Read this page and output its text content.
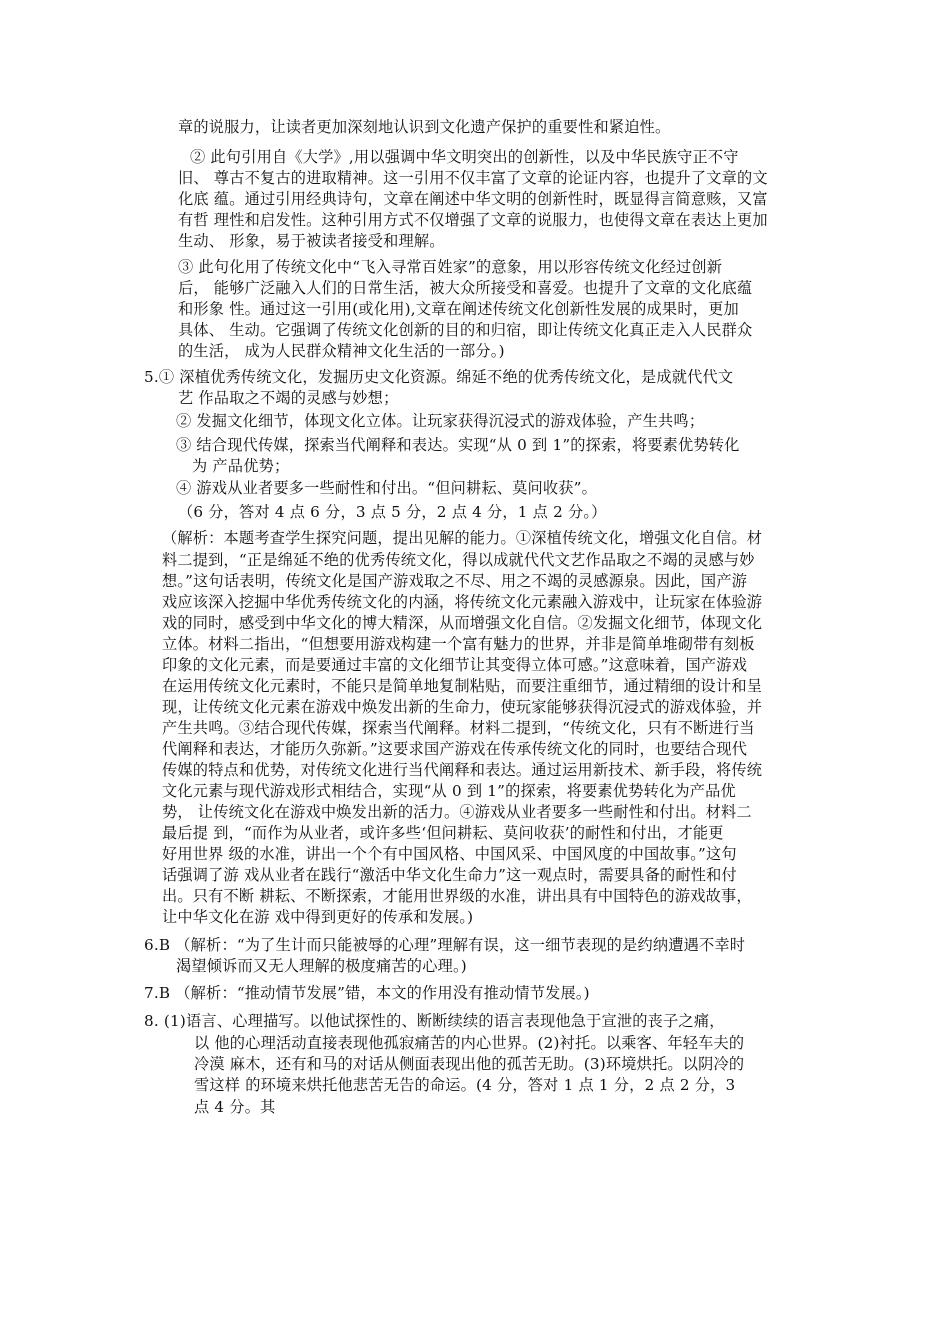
章的说服力，让读者更加深刻地认识到文化遗产保护的重要性和紧迫性。
② 此句引用自《大学》,用以强调中华文明突出的创新性，以及中华民族守正不守
旧、 尊古不复古的进取精神。这一引用不仅丰富了文章的论证内容，也提升了文章的文
化底 蕴。通过引用经典诗句，文章在阐述中华文明的创新性时，既显得言简意赅，又富
有哲 理性和启发性。这种引用方式不仅增强了文章的说服力，也使得文章在表达上更加
生动、 形象，易于被读者接受和理解。
③ 此句化用了传统文化中“飞入寻常百姓家”的意象，用以形容传统文化经过创新
后， 能够广泛融入人们的日常生活，被大众所接受和喜爱。也提升了文章的文化底蕴
和形象 性。通过这一引用(或化用),文章在阐述传统文化创新性发展的成果时，更加
具体、 生动。它强调了传统文化创新的目的和归宿，即让传统文化真正走入人民群众
的生活， 成为人民群众精神文化生活的一部分。)
5.① 深植优秀传统文化，发掘历史文化资源。绵延不绝的优秀传统文化，是成就代代文
艺 作品取之不竭的灵感与妙想；
② 发掘文化细节，体现文化立体。让玩家获得沉浸式的游戏体验，产生共鸣；
③ 结合现代传媒，探索当代阐释和表达。实现“从 0 到 1”的探索，将要素优势转化
为 产品优势；
④ 游戏从业者要多一些耐性和付出。“但问耕耘、莫问收获”。
（6 分，答对 4 点 6 分，3 点 5 分，2 点 4 分，1 点 2 分。）
（解析：本题考查学生探究问题，提出见解的能力。①深植传统文化，增强文化自信。材
料二提到，“正是绵延不绝的优秀传统文化，得以成就代代文艺作品取之不竭的灵感与妙
想。”这句话表明，传统文化是国产游戏取之不尽、用之不竭的灵感源泉。因此，国产游
戏应该深入挖掘中华优秀传统文化的内涵，将传统文化元素融入游戏中，让玩家在体验游
戏的同时，感受到中华文化的博大精深，从而增强文化自信。②发掘文化细节，体现文化
立体。材料二指出，“但想要用游戏构建一个富有魅力的世界，并非是简单堆砌带有刻板
印象的文化元素，而是要通过丰富的文化细节让其变得立体可感。”这意味着，国产游戏
在运用传统文化元素时，不能只是简单地复制粘贴，而要注重细节，通过精细的设计和呈
现，让传统文化元素在游戏中焕发出新的生命力，使玩家能够获得沉浸式的游戏体验，并
产生共鸣。③结合现代传媒，探索当代阐释。材料二提到，“传统文化，只有不断进行当
代阐释和表达，才能历久弥新。”这要求国产游戏在传承传统文化的同时，也要结合现代
传媒的特点和优势，对传统文化进行当代阐释和表达。通过运用新技术、新手段，将传统
文化元素与现代游戏形式相结合，实现“从 0 到 1”的探索，将要素优势转化为产品优
势， 让传统文化在游戏中焕发出新的活力。④游戏从业者要多一些耐性和付出。材料二
最后提 到，“而作为从业者，或许多些‘但问耕耘、莫问收获’的耐性和付出，才能更
好用世界 级的水准，讲出一个个有中国风格、中国风采、中国风度的中国故事。”这句
话强调了游 戏从业者在践行“激活中华文化生命力”这一观点时，需要具备的耐性和付
出。只有不断 耕耘、不断探索，才能用世界级的水准，讲出具有中国特色的游戏故事，
让中华文化在游 戏中得到更好的传承和发展。)
6.B （解析：“为了生计而只能被辱的心理”理解有误，这一细节表现的是约纳遭遇不幸时
渴望倾诉而又无人理解的极度痛苦的心理。)
7.B （解析：“推动情节发展”错，本文的作用没有推动情节发展。)
8. (1)语言、心理描写。以他试探性的、断断续续的语言表现他急于宣泄的丧子之痛，
以 他的心理活动直接表现他孤寂痛苦的内心世界。(2)衬托。以乘客、年轻车夫的
冷漠 麻木，还有和马的对话从侧面表现出他的孤苦无助。(3)环境烘托。以阴冷的
雪这样 的环境来烘托他悲苦无告的命运。(4 分，答对 1 点 1 分，2 点 2 分，3
点 4 分。其
